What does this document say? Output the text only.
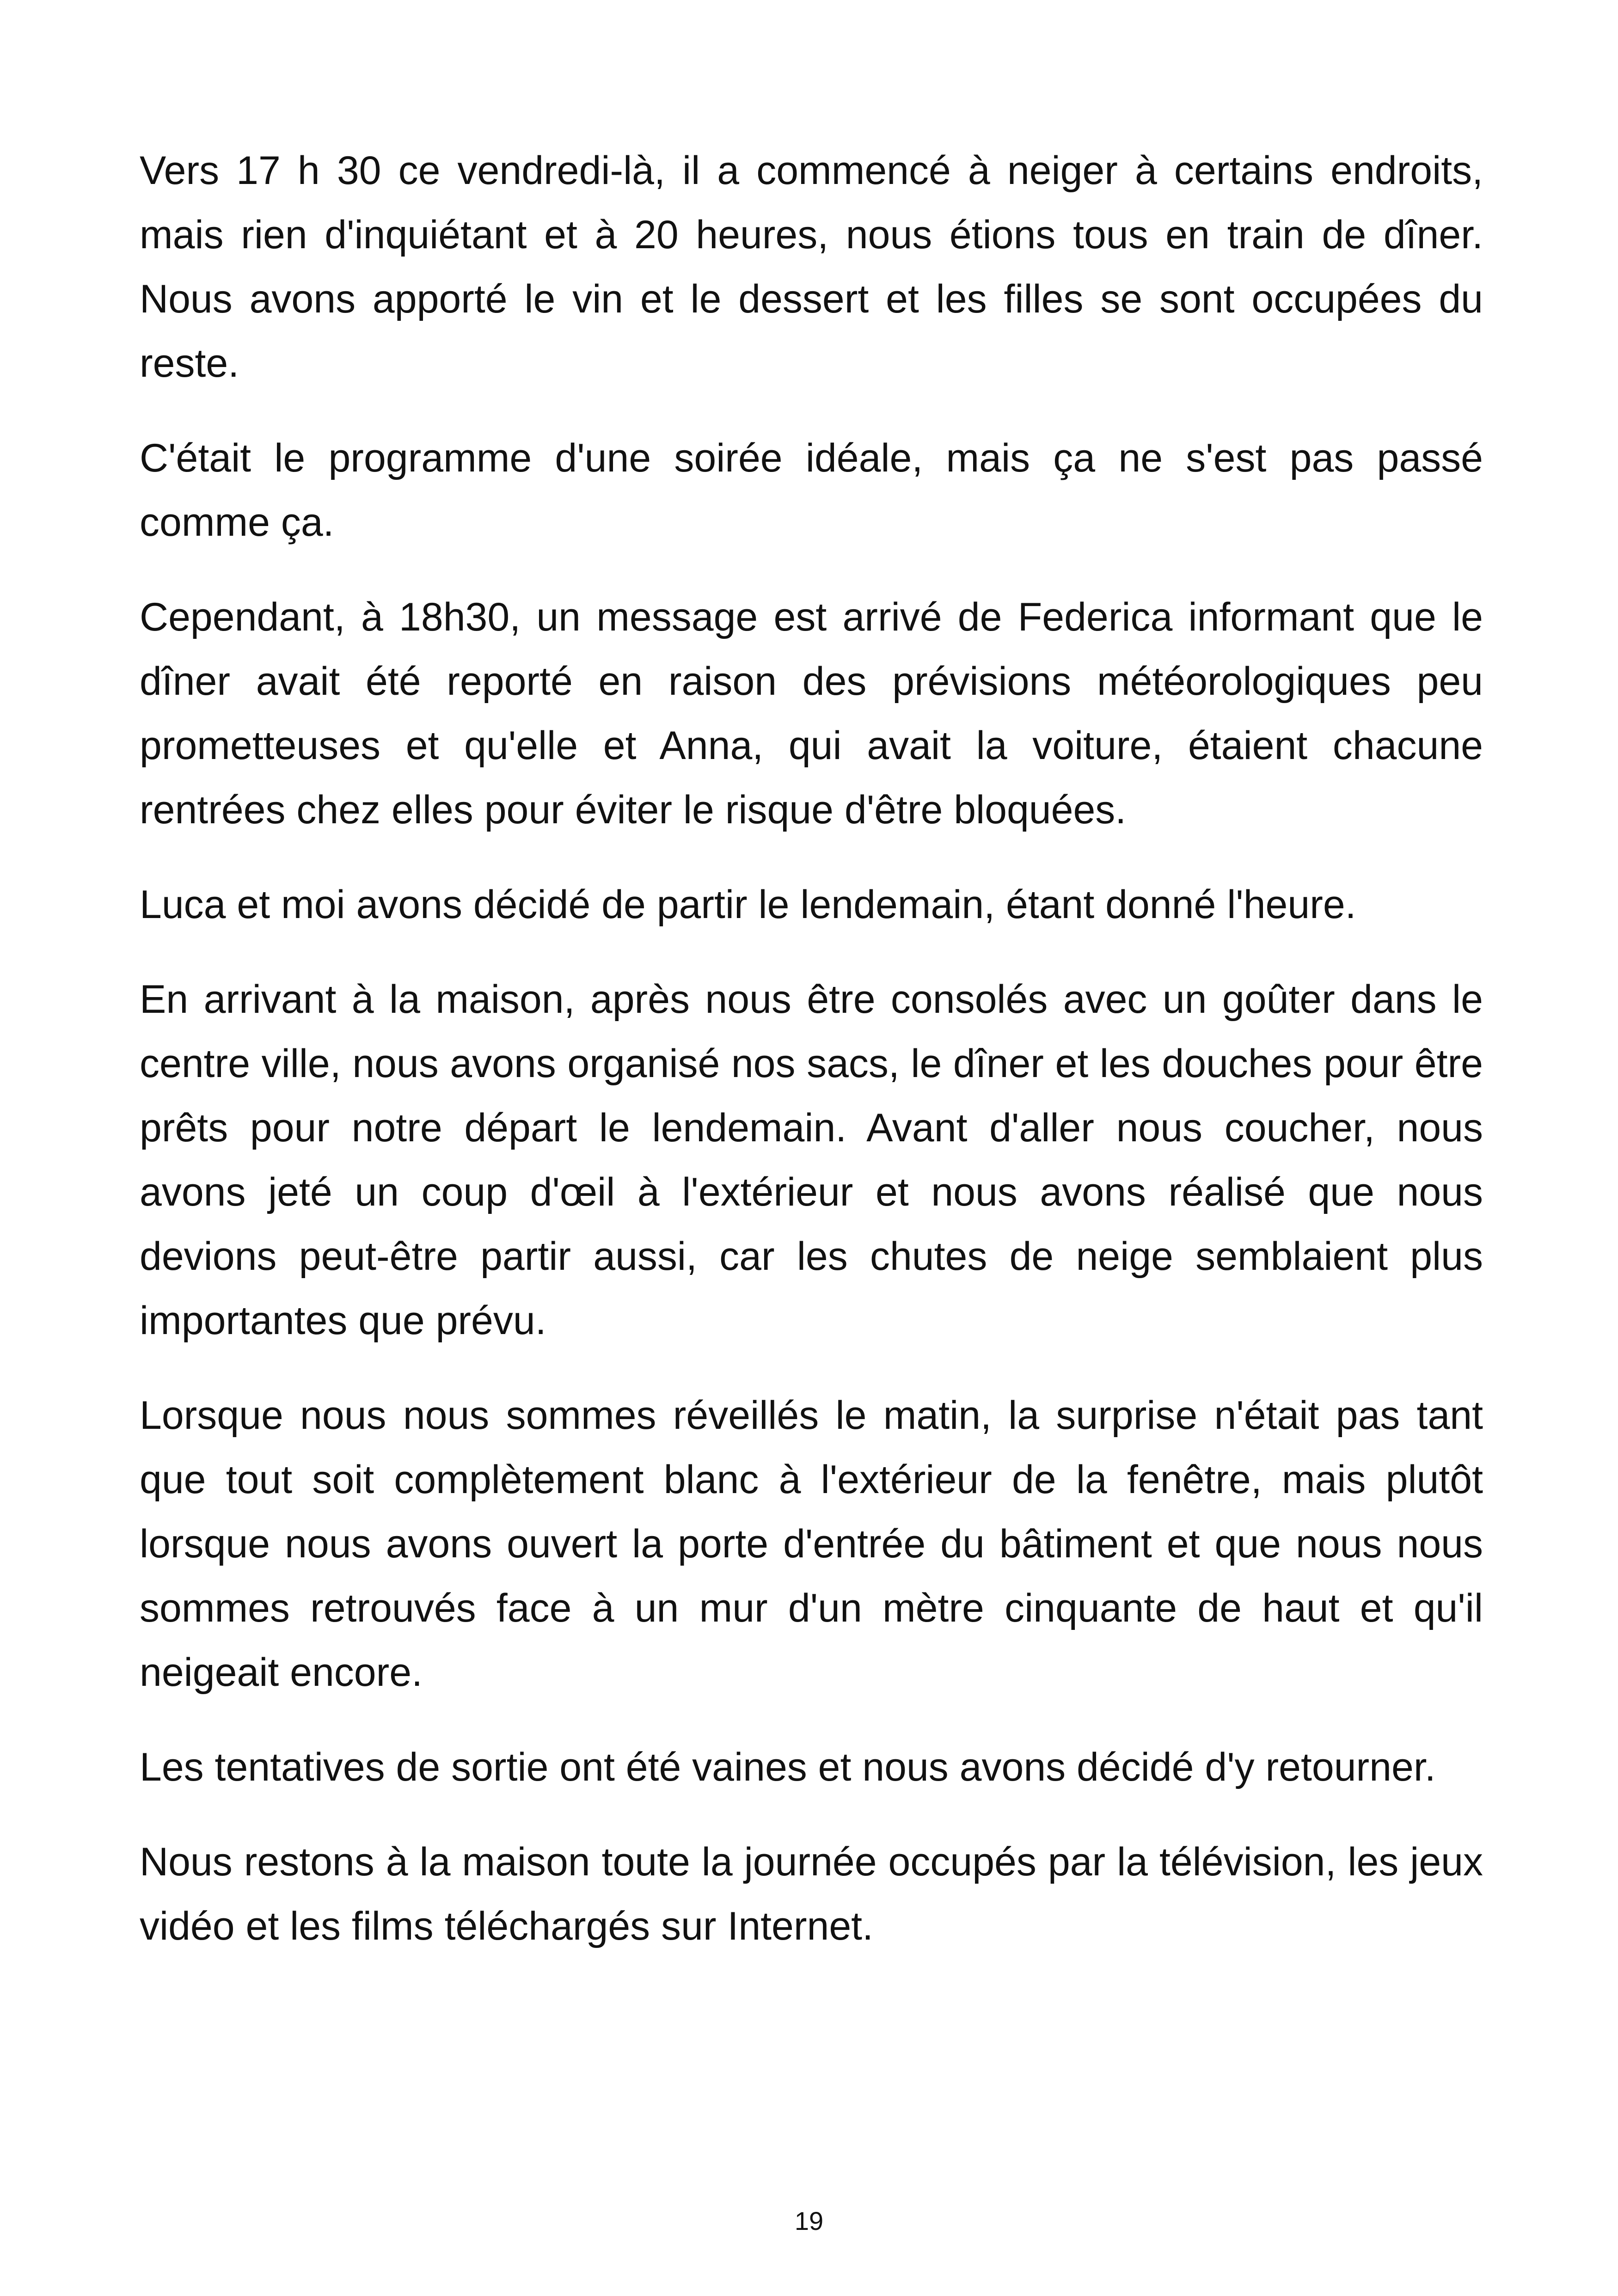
Vers 17 h 30 ce vendredi-là, il a commencé à neiger à certains endroits, mais rien d'inquiétant et à 20 heures, nous étions tous en train de dîner. Nous avons apporté le vin et le dessert et les filles se sont occupées du reste.

C'était le programme d'une soirée idéale, mais ça ne s'est pas passé comme ça.

Cependant, à 18h30, un message est arrivé de Federica informant que le dîner avait été reporté en raison des prévisions météorologiques peu prometteuses et qu'elle et Anna, qui avait la voiture, étaient chacune rentrées chez elles pour éviter le risque d'être bloquées.

Luca et moi avons décidé de partir le lendemain, étant donné l'heure.

En arrivant à la maison, après nous être consolés avec un goûter dans le centre ville, nous avons organisé nos sacs, le dîner et les douches pour être prêts pour notre départ le lendemain. Avant d'aller nous coucher, nous avons jeté un coup d'œil à l'extérieur et nous avons réalisé que nous devions peut-être partir aussi, car les chutes de neige semblaient plus importantes que prévu.

Lorsque nous nous sommes réveillés le matin, la surprise n'était pas tant que tout soit complètement blanc à l'extérieur de la fenêtre, mais plutôt lorsque nous avons ouvert la porte d'entrée du bâtiment et que nous nous sommes retrouvés face à un mur d'un mètre cinquante de haut et qu'il neigeait encore.

Les tentatives de sortie ont été vaines et nous avons décidé d'y retourner.

Nous restons à la maison toute la journée occupés par la télévision, les jeux vidéo et les films téléchargés sur Internet.

19
